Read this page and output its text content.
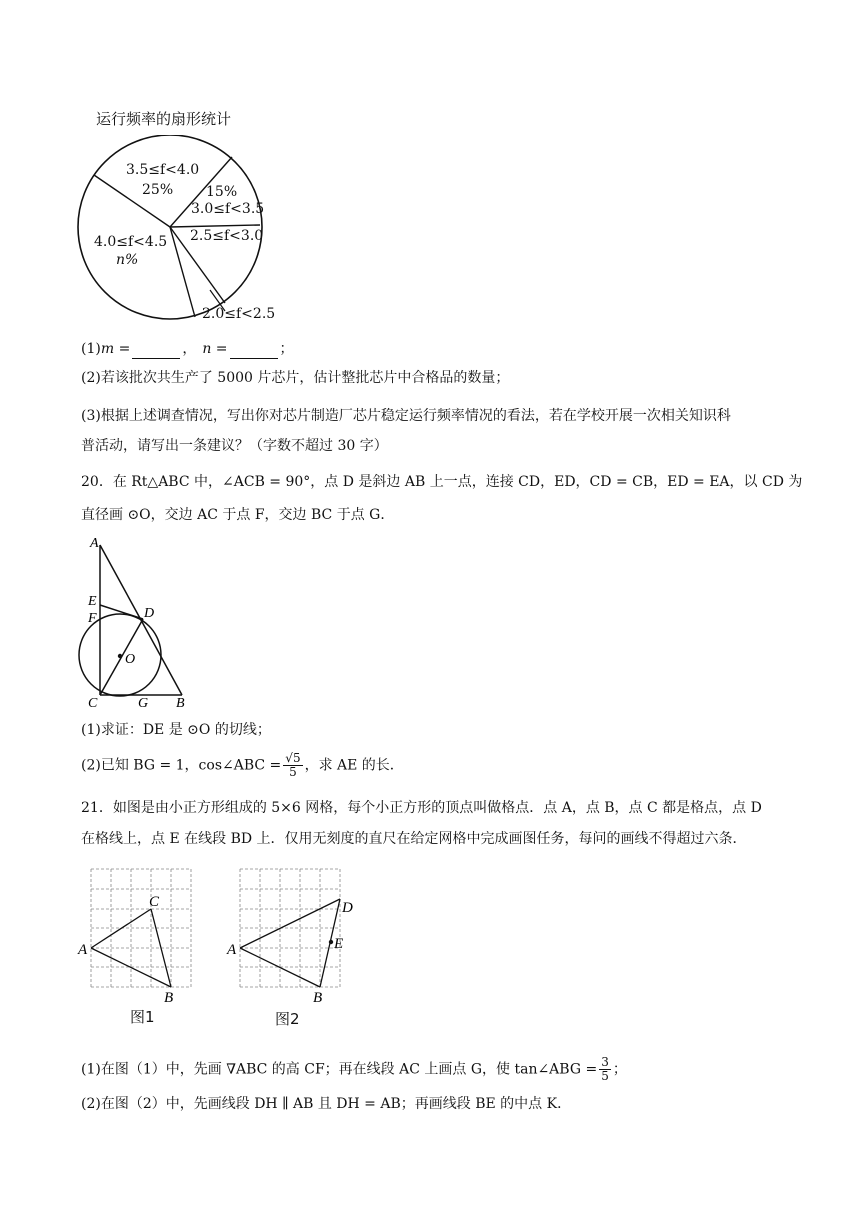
运行频率的扇形统计
3.5≤f<4.0
25% 15%
3.0≤f<3.5
2.5≤f<3.0
4.0≤f<4.5
n%
2.0≤f<2.5
(1)m =	， n =	；
(2)若该批次共生产了 5000 片芯片，估计整批芯片中合格品的数量；
(3)根据上述调查情况，写出你对芯片制造厂芯片稳定运行频率情况的看法，若在学校开展一次相关知识科
普活动，请写出一条建议？（字数不超过 30 字）
20．在 Rt△ABC 中，∠ACB = 90°，点 D 是斜边 AB 上一点，连接 CD，ED，CD = CB，ED = EA，以 CD 为
直径画 ⊙O，交边 AC 于点 F，交边 BC 于点 G．
A
E
F	D
O
C	G B
(1)求证：DE 是 ⊙O 的切线；
(2)已知 BG = 1，cos∠ABC = $\frac{√5}{5}$ ，求 AE 的长．
21．如图是由小正方形组成的 5×6 网格，每个小正方形的顶点叫做格点．点 A，点 B，点 C 都是格点，点 D
在格线上，点 E 在线段 BD 上．仅用无刻度的直尺在给定网格中完成画图任务，每问的画线不得超过六条．
A
B
C
图1
A
B
D
E
图2
(1)在图（1）中，先画 ∇ABC 的高 CF；再在线段 AC 上画点 G，使 tan∠ABG = $\frac{3}{5}$ ；
(2)在图（2）中，先画线段 DH ∥ AB 且 DH = AB；再画线段 BE 的中点 K．
